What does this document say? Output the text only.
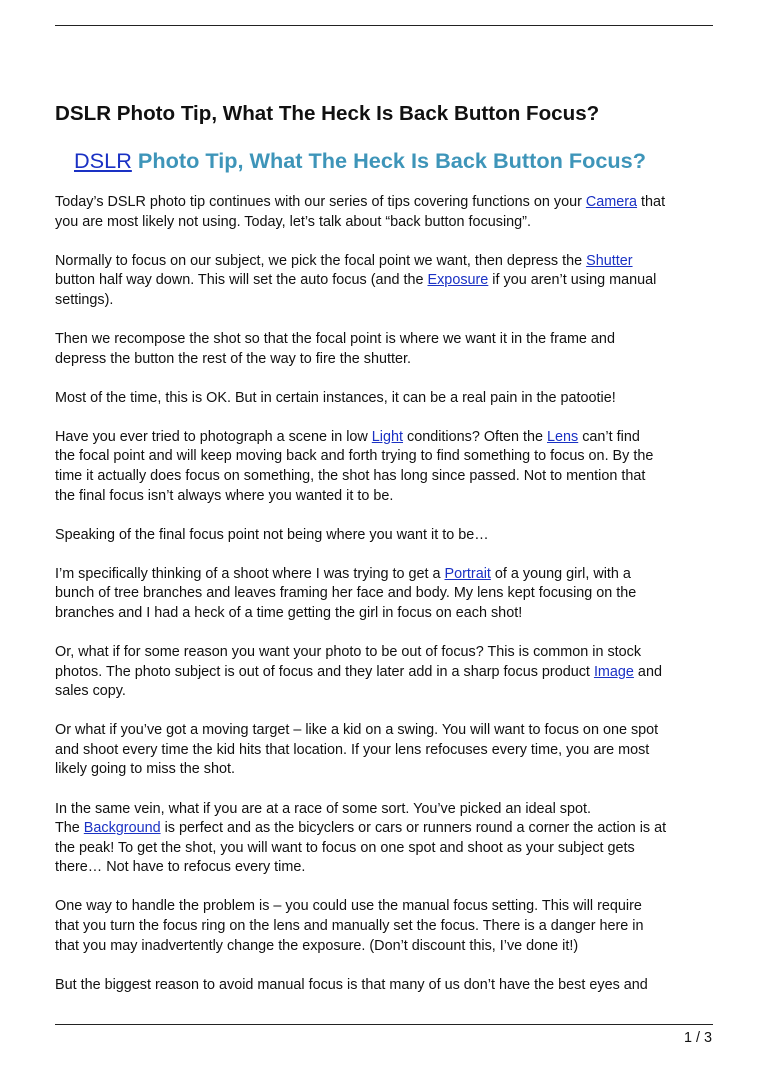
DSLR Photo Tip, What The Heck Is Back Button Focus?
DSLR Photo Tip, What The Heck Is Back Button Focus?

Today’s DSLR photo tip continues with our series of tips covering functions on your Camera that
you are most likely not using. Today, let’s talk about “back button focusing”.

Normally to focus on our subject, we pick the focal point we want, then depress the Shutter
button half way down. This will set the auto focus (and the Exposure if you aren’t using manual
settings).

Then we recompose the shot so that the focal point is where we want it in the frame and
depress the button the rest of the way to fire the shutter.

Most of the time, this is OK. But in certain instances, it can be a real pain in the patootie!

Have you ever tried to photograph a scene in low Light conditions? Often the Lens can’t find
the focal point and will keep moving back and forth trying to find something to focus on. By the
time it actually does focus on something, the shot has long since passed. Not to mention that
the final focus isn’t always where you wanted it to be.

Speaking of the final focus point not being where you want it to be…

I’m specifically thinking of a shoot where I was trying to get a Portrait of a young girl, with a
bunch of tree branches and leaves framing her face and body. My lens kept focusing on the
branches and I had a heck of a time getting the girl in focus on each shot!

Or, what if for some reason you want your photo to be out of focus? This is common in stock
photos. The photo subject is out of focus and they later add in a sharp focus product Image and
sales copy.

Or what if you’ve got a moving target – like a kid on a swing. You will want to focus on one spot
and shoot every time the kid hits that location. If your lens refocuses every time, you are most
likely going to miss the shot.

In the same vein, what if you are at a race of some sort. You’ve picked an ideal spot.
The Background is perfect and as the bicyclers or cars or runners round a corner the action is at
the peak! To get the shot, you will want to focus on one spot and shoot as your subject gets
there… Not have to refocus every time.

One way to handle the problem is – you could use the manual focus setting. This will require
that you turn the focus ring on the lens and manually set the focus. There is a danger here in
that you may inadvertently change the exposure. (Don’t discount this, I’ve done it!)

But the biggest reason to avoid manual focus is that many of us don’t have the best eyes and

1 / 3
